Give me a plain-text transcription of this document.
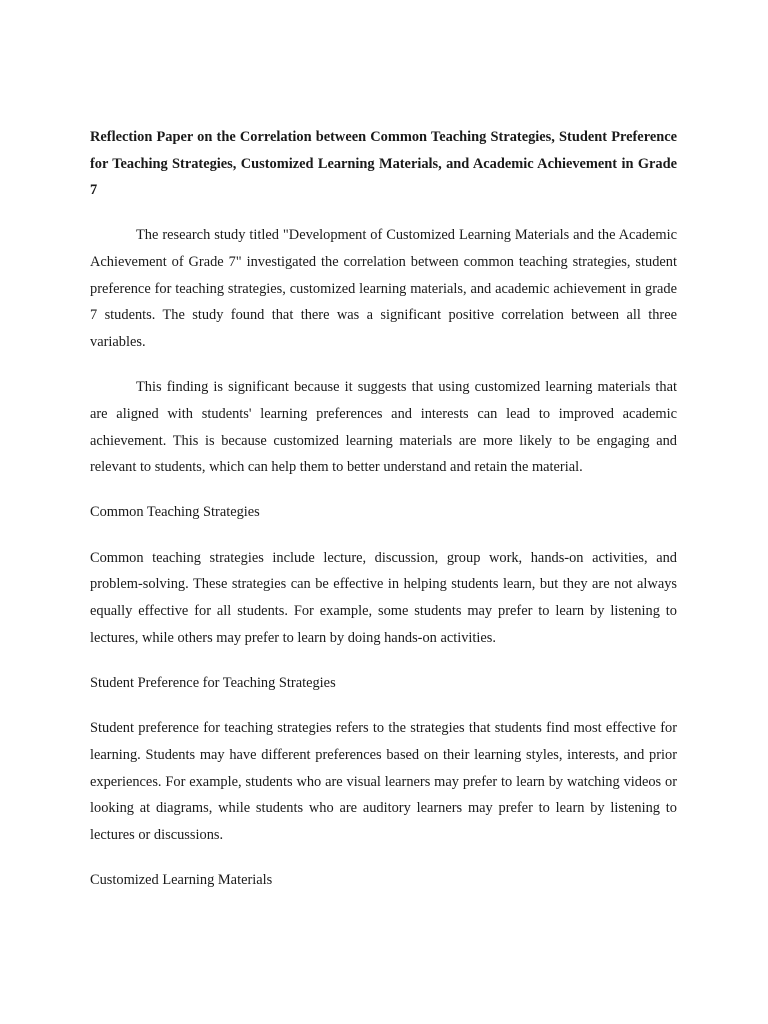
Reflection Paper on the Correlation between Common Teaching Strategies, Student Preference for Teaching Strategies, Customized Learning Materials, and Academic Achievement in Grade 7

The research study titled "Development of Customized Learning Materials and the Academic Achievement of Grade 7" investigated the correlation between common teaching strategies, student preference for teaching strategies, customized learning materials, and academic achievement in grade 7 students. The study found that there was a significant positive correlation between all three variables.

This finding is significant because it suggests that using customized learning materials that are aligned with students' learning preferences and interests can lead to improved academic achievement. This is because customized learning materials are more likely to be engaging and relevant to students, which can help them to better understand and retain the material.

Common Teaching Strategies

Common teaching strategies include lecture, discussion, group work, hands-on activities, and problem-solving. These strategies can be effective in helping students learn, but they are not always equally effective for all students. For example, some students may prefer to learn by listening to lectures, while others may prefer to learn by doing hands-on activities.

Student Preference for Teaching Strategies

Student preference for teaching strategies refers to the strategies that students find most effective for learning. Students may have different preferences based on their learning styles, interests, and prior experiences. For example, students who are visual learners may prefer to learn by watching videos or looking at diagrams, while students who are auditory learners may prefer to learn by listening to lectures or discussions.

Customized Learning Materials
